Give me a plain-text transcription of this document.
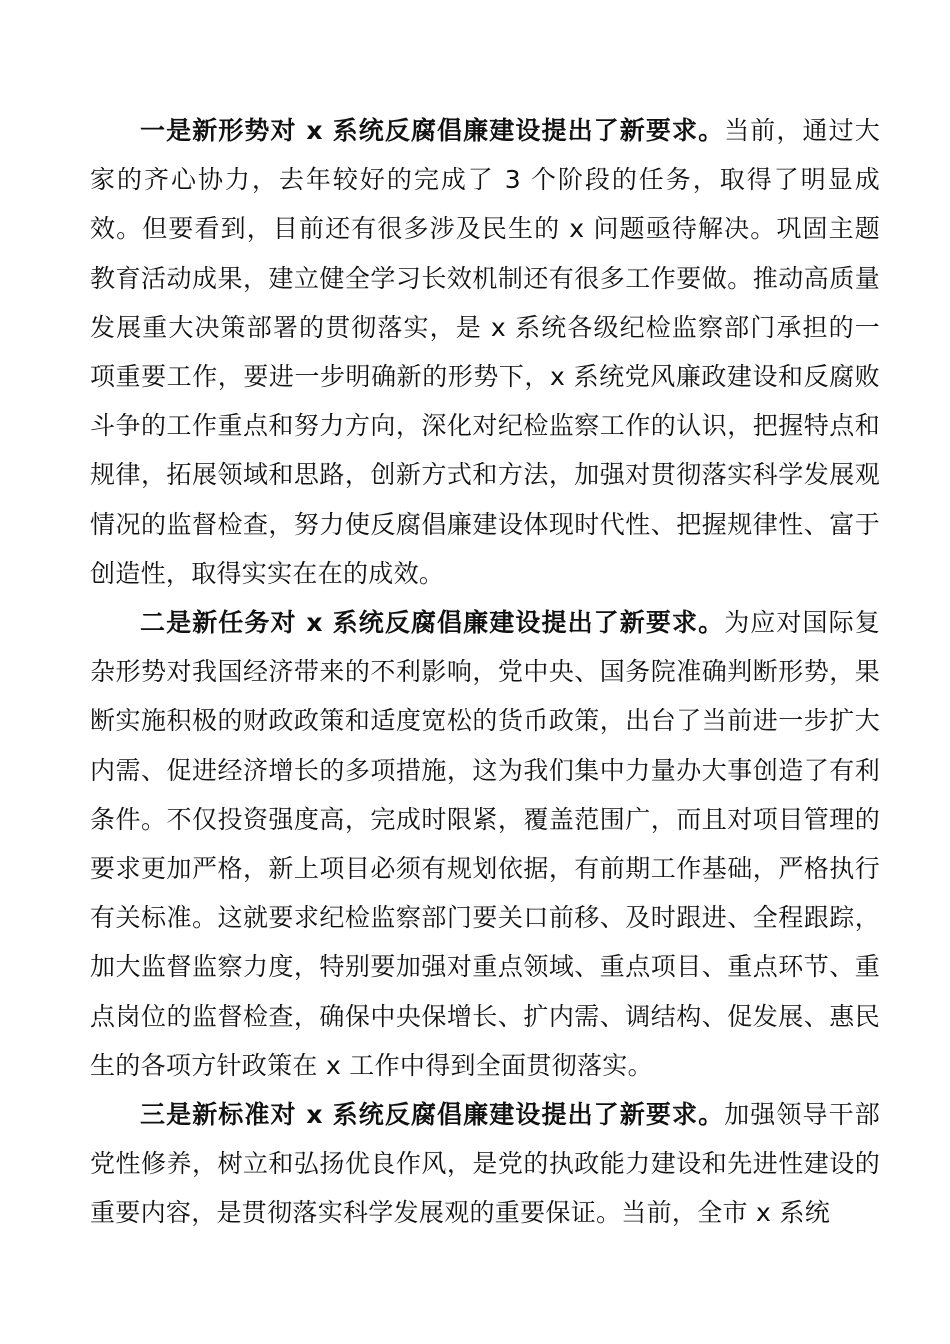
一是新形势对 x 系统反腐倡廉建设提出了新要求。当前，通过大家的齐心协力，去年较好的完成了 3 个阶段的任务，取得了明显成效。但要看到，目前还有很多涉及民生的 x 问题亟待解决。巩固主题教育活动成果，建立健全学习长效机制还有很多工作要做。推动高质量发展重大决策部署的贯彻落实，是 x 系统各级纪检监察部门承担的一项重要工作，要进一步明确新的形势下，x 系统党风廉政建设和反腐败斗争的工作重点和努力方向，深化对纪检监察工作的认识，把握特点和规律，拓展领域和思路，创新方式和方法，加强对贯彻落实科学发展观情况的监督检查，努力使反腐倡廉建设体现时代性、把握规律性、富于创造性，取得实实在在的成效。

二是新任务对 x 系统反腐倡廉建设提出了新要求。为应对国际复杂形势对我国经济带来的不利影响，党中央、国务院准确判断形势，果断实施积极的财政政策和适度宽松的货币政策，出台了当前进一步扩大内需、促进经济增长的多项措施，这为我们集中力量办大事创造了有利条件。不仅投资强度高，完成时限紧，覆盖范围广，而且对项目管理的要求更加严格，新上项目必须有规划依据，有前期工作基础，严格执行有关标准。这就要求纪检监察部门要关口前移、及时跟进、全程跟踪，加大监督监察力度，特别要加强对重点领域、重点项目、重点环节、重点岗位的监督检查，确保中央保增长、扩内需、调结构、促发展、惠民生的各项方针政策在 x 工作中得到全面贯彻落实。

三是新标准对 x 系统反腐倡廉建设提出了新要求。加强领导干部党性修养，树立和弘扬优良作风，是党的执政能力建设和先进性建设的重要内容，是贯彻落实科学发展观的重要保证。当前，全市 x 系统
